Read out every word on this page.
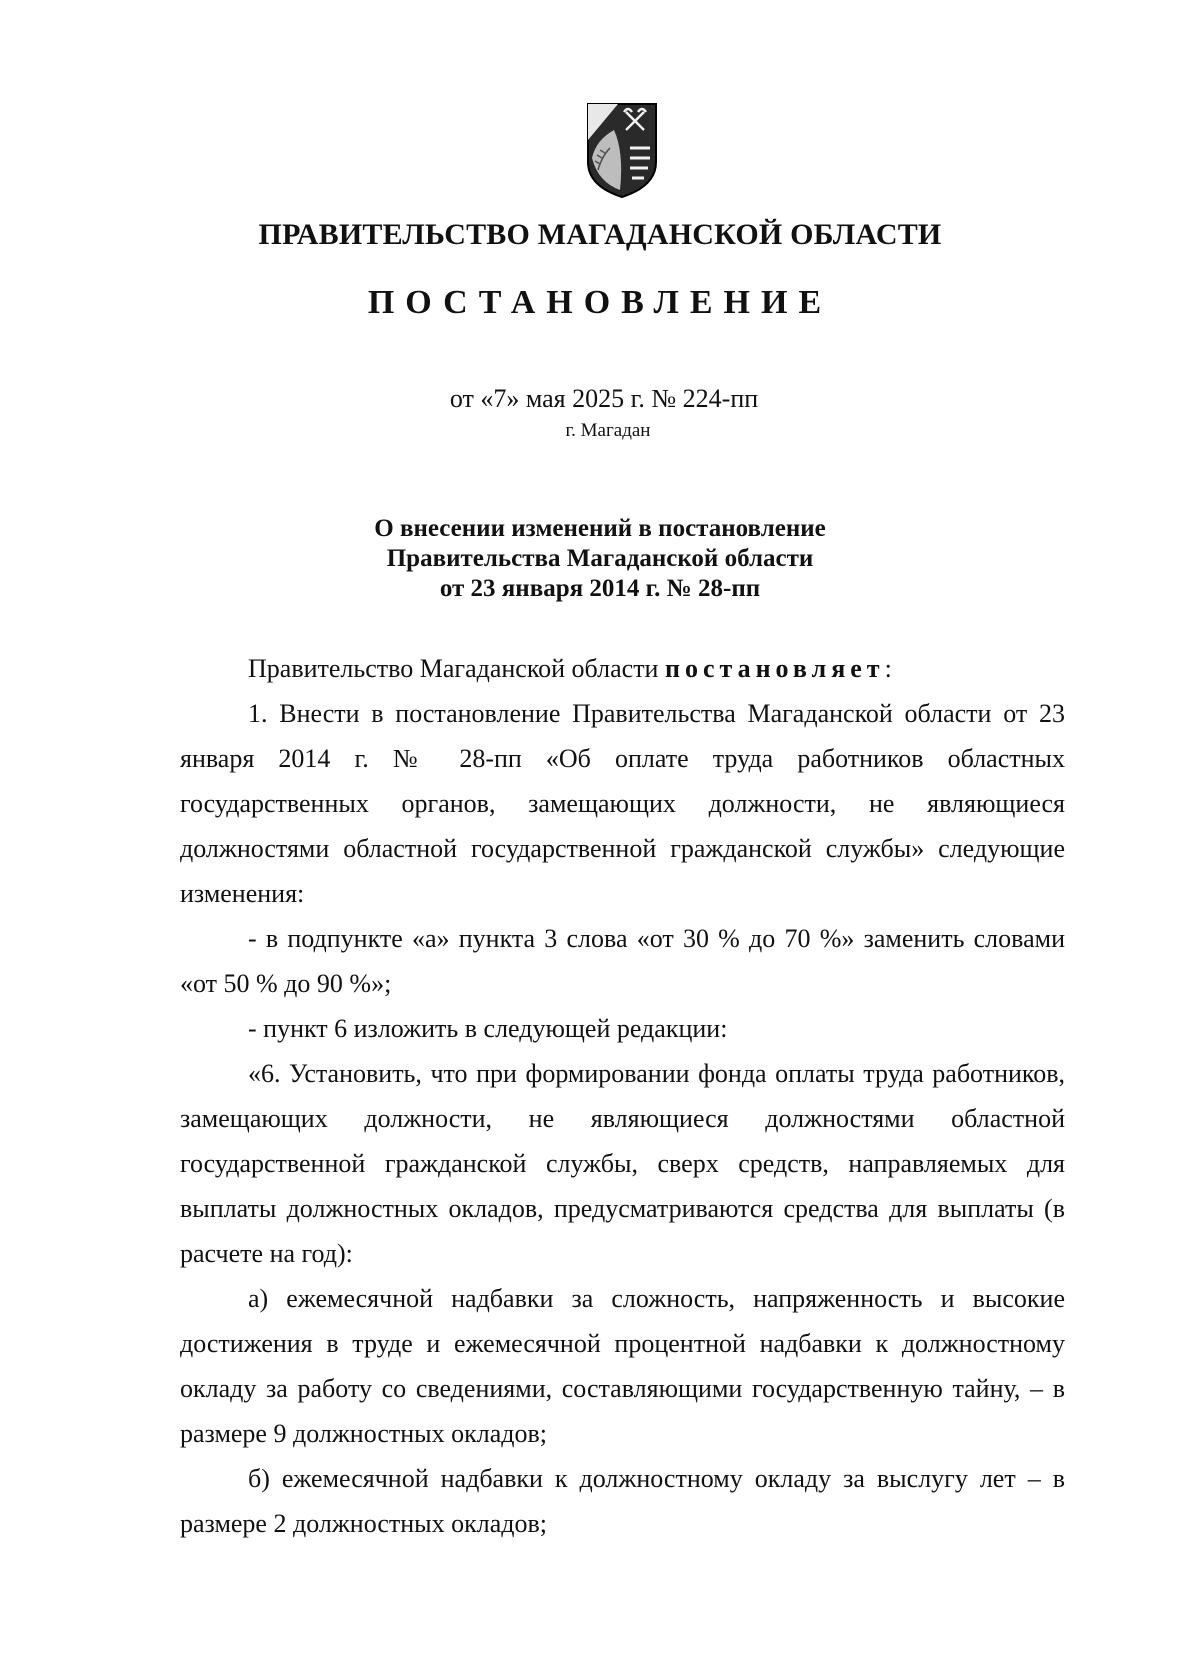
ПРАВИТЕЛЬСТВО МАГАДАНСКОЙ ОБЛАСТИ
ПОСТАНОВЛЕНИЕ
от «7» мая 2025 г. № 224-пп
г. Магадан
О внесении изменений в постановление
Правительства Магаданской области
от 23 января 2014 г. № 28-пп

Правительство Магаданской области постановляет:

1. Внести в постановление Правительства Магаданской области от 23 января 2014 г. № 28-пп «Об оплате труда работников областных государственных органов, замещающих должности, не являющиеся должностями областной государственной гражданской службы» следующие изменения:

- в подпункте «а» пункта 3 слова «от 30 % до 70 %» заменить словами «от 50 % до 90 %»;

- пункт 6 изложить в следующей редакции:

«6. Установить, что при формировании фонда оплаты труда работников, замещающих должности, не являющиеся должностями областной государственной гражданской службы, сверх средств, направляемых для выплаты должностных окладов, предусматриваются средства для выплаты (в расчете на год):

а) ежемесячной надбавки за сложность, напряженность и высокие достижения в труде и ежемесячной процентной надбавки к должностному окладу за работу со сведениями, составляющими государственную тайну, – в размере 9 должностных окладов;

б) ежемесячной надбавки к должностному окладу за выслугу лет – в размере 2 должностных окладов;
